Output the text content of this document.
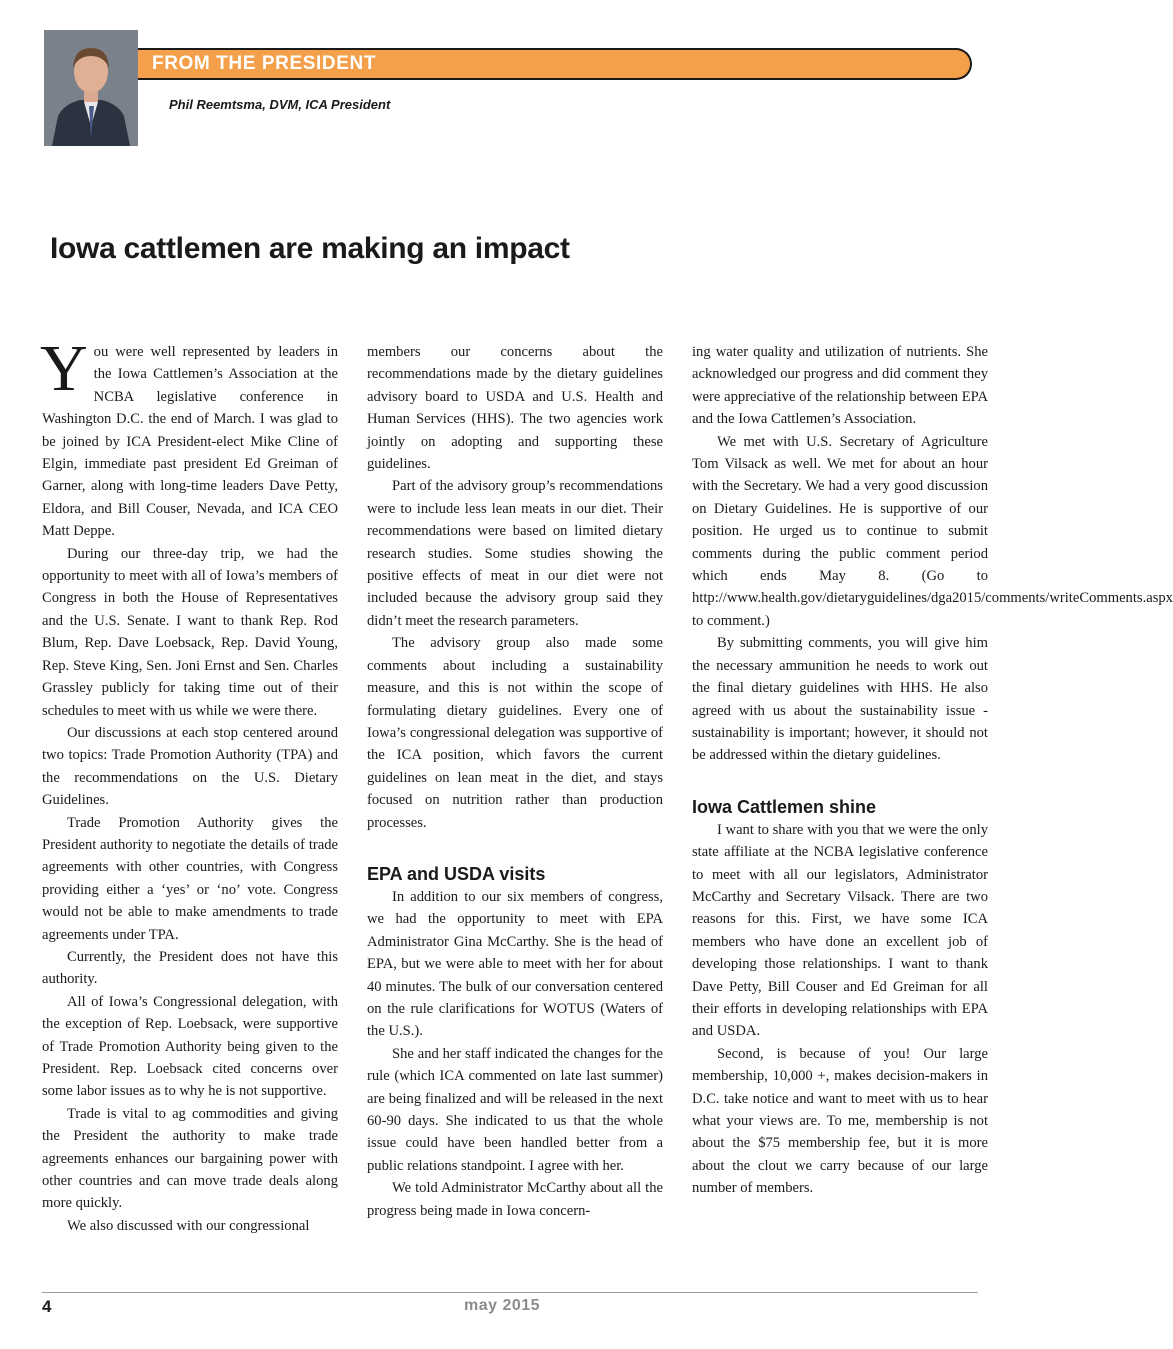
FROM THE PRESIDENT
Phil Reemtsma, DVM, ICA President
Iowa cattlemen are making an impact

You were well represented by leaders in the Iowa Cattlemen’s Association at the NCBA legislative conference in Washington D.C. the end of March. I was glad to be joined by ICA President-elect Mike Cline of Elgin, immediate past president Ed Greiman of Garner, along with long-time leaders Dave Petty, Eldora, and Bill Couser, Nevada, and ICA CEO Matt Deppe.

During our three-day trip, we had the opportunity to meet with all of Iowa’s members of Congress in both the House of Representatives and the U.S. Senate. I want to thank Rep. Rod Blum, Rep. Dave Loebsack, Rep. David Young, Rep. Steve King, Sen. Joni Ernst and Sen. Charles Grassley publicly for taking time out of their schedules to meet with us while we were there.

Our discussions at each stop centered around two topics: Trade Promotion Authority (TPA) and the recommendations on the U.S. Dietary Guidelines.

Trade Promotion Authority gives the President authority to negotiate the details of trade agreements with other countries, with Congress providing either a ‘yes’ or ‘no’ vote. Congress would not be able to make amendments to trade agreements under TPA.

Currently, the President does not have this authority.

All of Iowa’s Congressional delegation, with the exception of Rep. Loebsack, were supportive of Trade Promotion Authority being given to the President. Rep. Loebsack cited concerns over some labor issues as to why he is not supportive.

Trade is vital to ag commodities and giving the President the authority to make trade agreements enhances our bargaining power with other countries and can move trade deals along more quickly.

We also discussed with our congressional

members our concerns about the recommendations made by the dietary guidelines advisory board to USDA and U.S. Health and Human Services (HHS). The two agencies work jointly on adopting and supporting these guidelines.

Part of the advisory group’s recommendations were to include less lean meats in our diet. Their recommendations were based on limited dietary research studies. Some studies showing the positive effects of meat in our diet were not included because the advisory group said they didn’t meet the research parameters.

The advisory group also made some comments about including a sustainability measure, and this is not within the scope of formulating dietary guidelines. Every one of Iowa’s congressional delegation was supportive of the ICA position, which favors the current guidelines on lean meat in the diet, and stays focused on nutrition rather than production processes.

EPA and USDA visits

In addition to our six members of congress, we had the opportunity to meet with EPA Administrator Gina McCarthy. She is the head of EPA, but we were able to meet with her for about 40 minutes. The bulk of our conversation centered on the rule clarifications for WOTUS (Waters of the U.S.).

She and her staff indicated the changes for the rule (which ICA commented on late last summer) are being finalized and will be released in the next 60-90 days. She indicated to us that the whole issue could have been handled better from a public relations standpoint. I agree with her.

We told Administrator McCarthy about all the progress being made in Iowa concern-

ing water quality and utilization of nutrients. She acknowledged our progress and did comment they were appreciative of the relationship between EPA and the Iowa Cattlemen’s Association.

We met with U.S. Secretary of Agriculture Tom Vilsack as well. We met for about an hour with the Secretary. We had a very good discussion on Dietary Guidelines. He is supportive of our position. He urged us to continue to submit comments during the public comment period which ends May 8. (Go to http://www.health.gov/dietaryguidelines/dga2015/comments/writeComments.aspx to comment.)

By submitting comments, you will give him the necessary ammunition he needs to work out the final dietary guidelines with HHS. He also agreed with us about the sustainability issue - sustainability is important; however, it should not be addressed within the dietary guidelines.

Iowa Cattlemen shine

I want to share with you that we were the only state affiliate at the NCBA legislative conference to meet with all our legislators, Administrator McCarthy and Secretary Vilsack. There are two reasons for this. First, we have some ICA members who have done an excellent job of developing those relationships. I want to thank Dave Petty, Bill Couser and Ed Greiman for all their efforts in developing relationships with EPA and USDA.

Second, is because of you! Our large membership, 10,000 +, makes decision-makers in D.C. take notice and want to meet with us to hear what your views are. To me, membership is not about the $75 membership fee, but it is more about the clout we carry because of our large number of members.

4	may 2015
